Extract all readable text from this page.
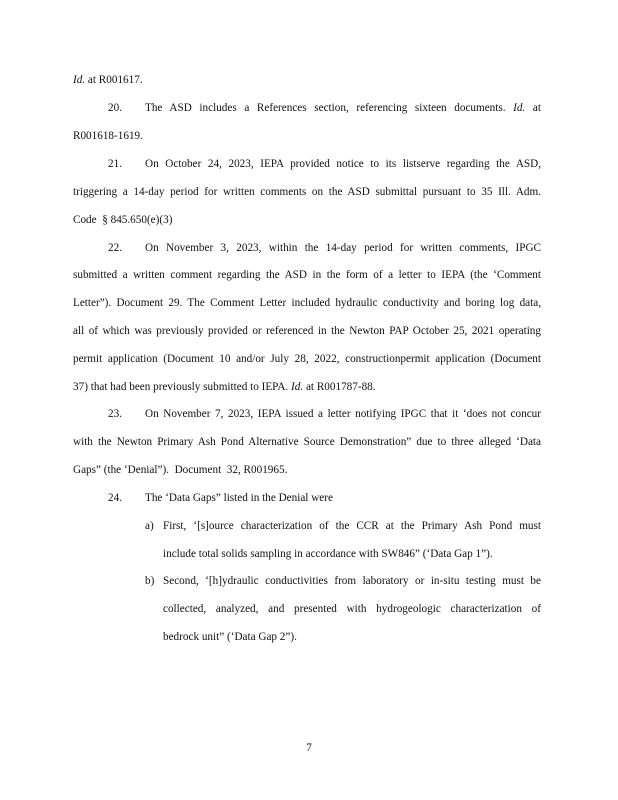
Id. at R001617.
20. The ASD includes a References section, referencing sixteen documents. Id. at
R001618-1619.
21. On October 24, 2023, IEPA provided notice to its listserve regarding the ASD,
triggering a 14-day period for written comments on the ASD submittal pursuant to 35 Ill. Adm.
Code  § 845.650(e)(3)
22. On November 3, 2023, within the 14-day period for written comments, IPGC
submitted a written comment regarding the ASD in the form of a letter to IEPA (the ‘Comment
Letter”). Document 29. The Comment Letter included hydraulic conductivity and boring log data,
all of which was previously provided or referenced in the Newton PAP October 25, 2021 operating
permit application (Document 10 and/or July 28, 2022, constructionpermit application (Document
37) that had been previously submitted to IEPA. Id. at R001787-88.
23. On November 7, 2023, IEPA issued a letter notifying IPGC that it ‘does not concur
with the Newton Primary Ash Pond Alternative Source Demonstration” due to three alleged ‘Data
Gaps” (the ‘Denial”).  Document  32, R001965.
24. The ‘Data Gaps” listed in the Denial were
a) First, ‘[s]ource characterization of the CCR at the Primary Ash Pond must
include total solids sampling in accordance with SW846” (‘Data Gap 1”).
b) Second, ‘[h]ydraulic conductivities from laboratory or in-situ testing must be
collected, analyzed, and presented with hydrogeologic characterization of
bedrock unit” (‘Data Gap 2”).
7
